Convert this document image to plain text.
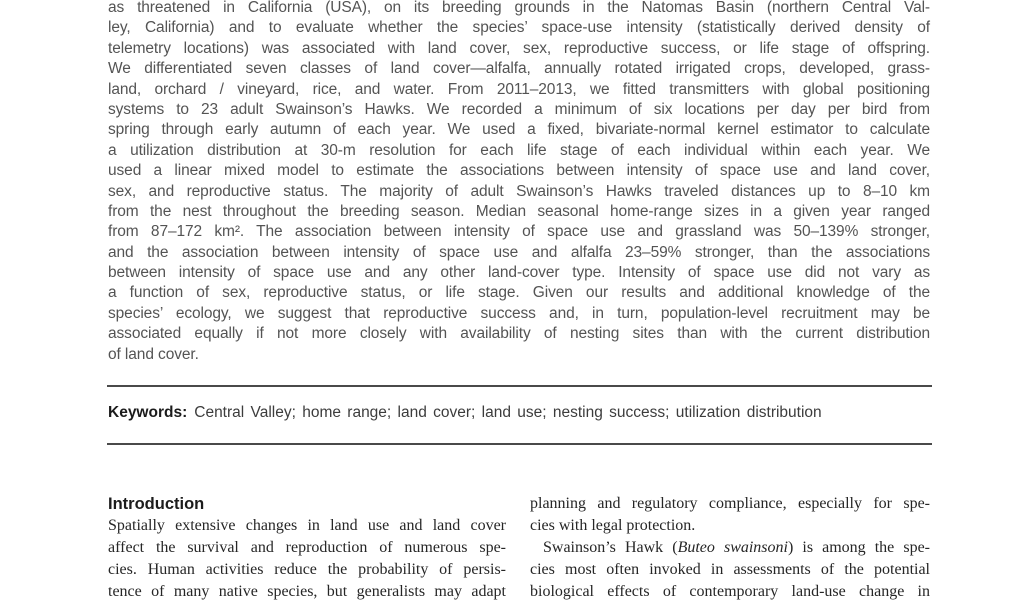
as threatened in California (USA), on its breeding grounds in the Natomas Basin (northern Central Val-
ley, California) and to evaluate whether the species’ space-use intensity (statistically derived density of
telemetry locations) was associated with land cover, sex, reproductive success, or life stage of offspring.
We differentiated seven classes of land cover—alfalfa, annually rotated irrigated crops, developed, grass-
land, orchard / vineyard, rice, and water. From 2011–2013, we fitted transmitters with global positioning
systems to 23 adult Swainson’s Hawks. We recorded a minimum of six locations per day per bird from
spring through early autumn of each year. We used a fixed, bivariate-normal kernel estimator to calculate
a utilization distribution at 30-m resolution for each life stage of each individual within each year. We
used a linear mixed model to estimate the associations between intensity of space use and land cover,
sex, and reproductive status. The majority of adult Swainson’s Hawks traveled distances up to 8–10 km
from the nest throughout the breeding season. Median seasonal home-range sizes in a given year ranged
from 87–172 km². The association between intensity of space use and grassland was 50–139% stronger,
and the association between intensity of space use and alfalfa 23–59% stronger, than the associations
between intensity of space use and any other land-cover type. Intensity of space use did not vary as
a function of sex, reproductive status, or life stage. Given our results and additional knowledge of the
species’ ecology, we suggest that reproductive success and, in turn, population-level recruitment may be
associated equally if not more closely with availability of nesting sites than with the current distribution
of land cover.
Keywords: Central Valley; home range; land cover; land use; nesting success; utilization distribution
Introduction
Spatially extensive changes in land use and land cover
affect the survival and reproduction of numerous spe-
cies. Human activities reduce the probability of persis-
tence of many native species, but generalists may adapt
planning and regulatory compliance, especially for spe-
cies with legal protection.
Swainson’s Hawk (Buteo swainsoni) is among the spe-
cies most often invoked in assessments of the potential
biological effects of contemporary land-use change in
